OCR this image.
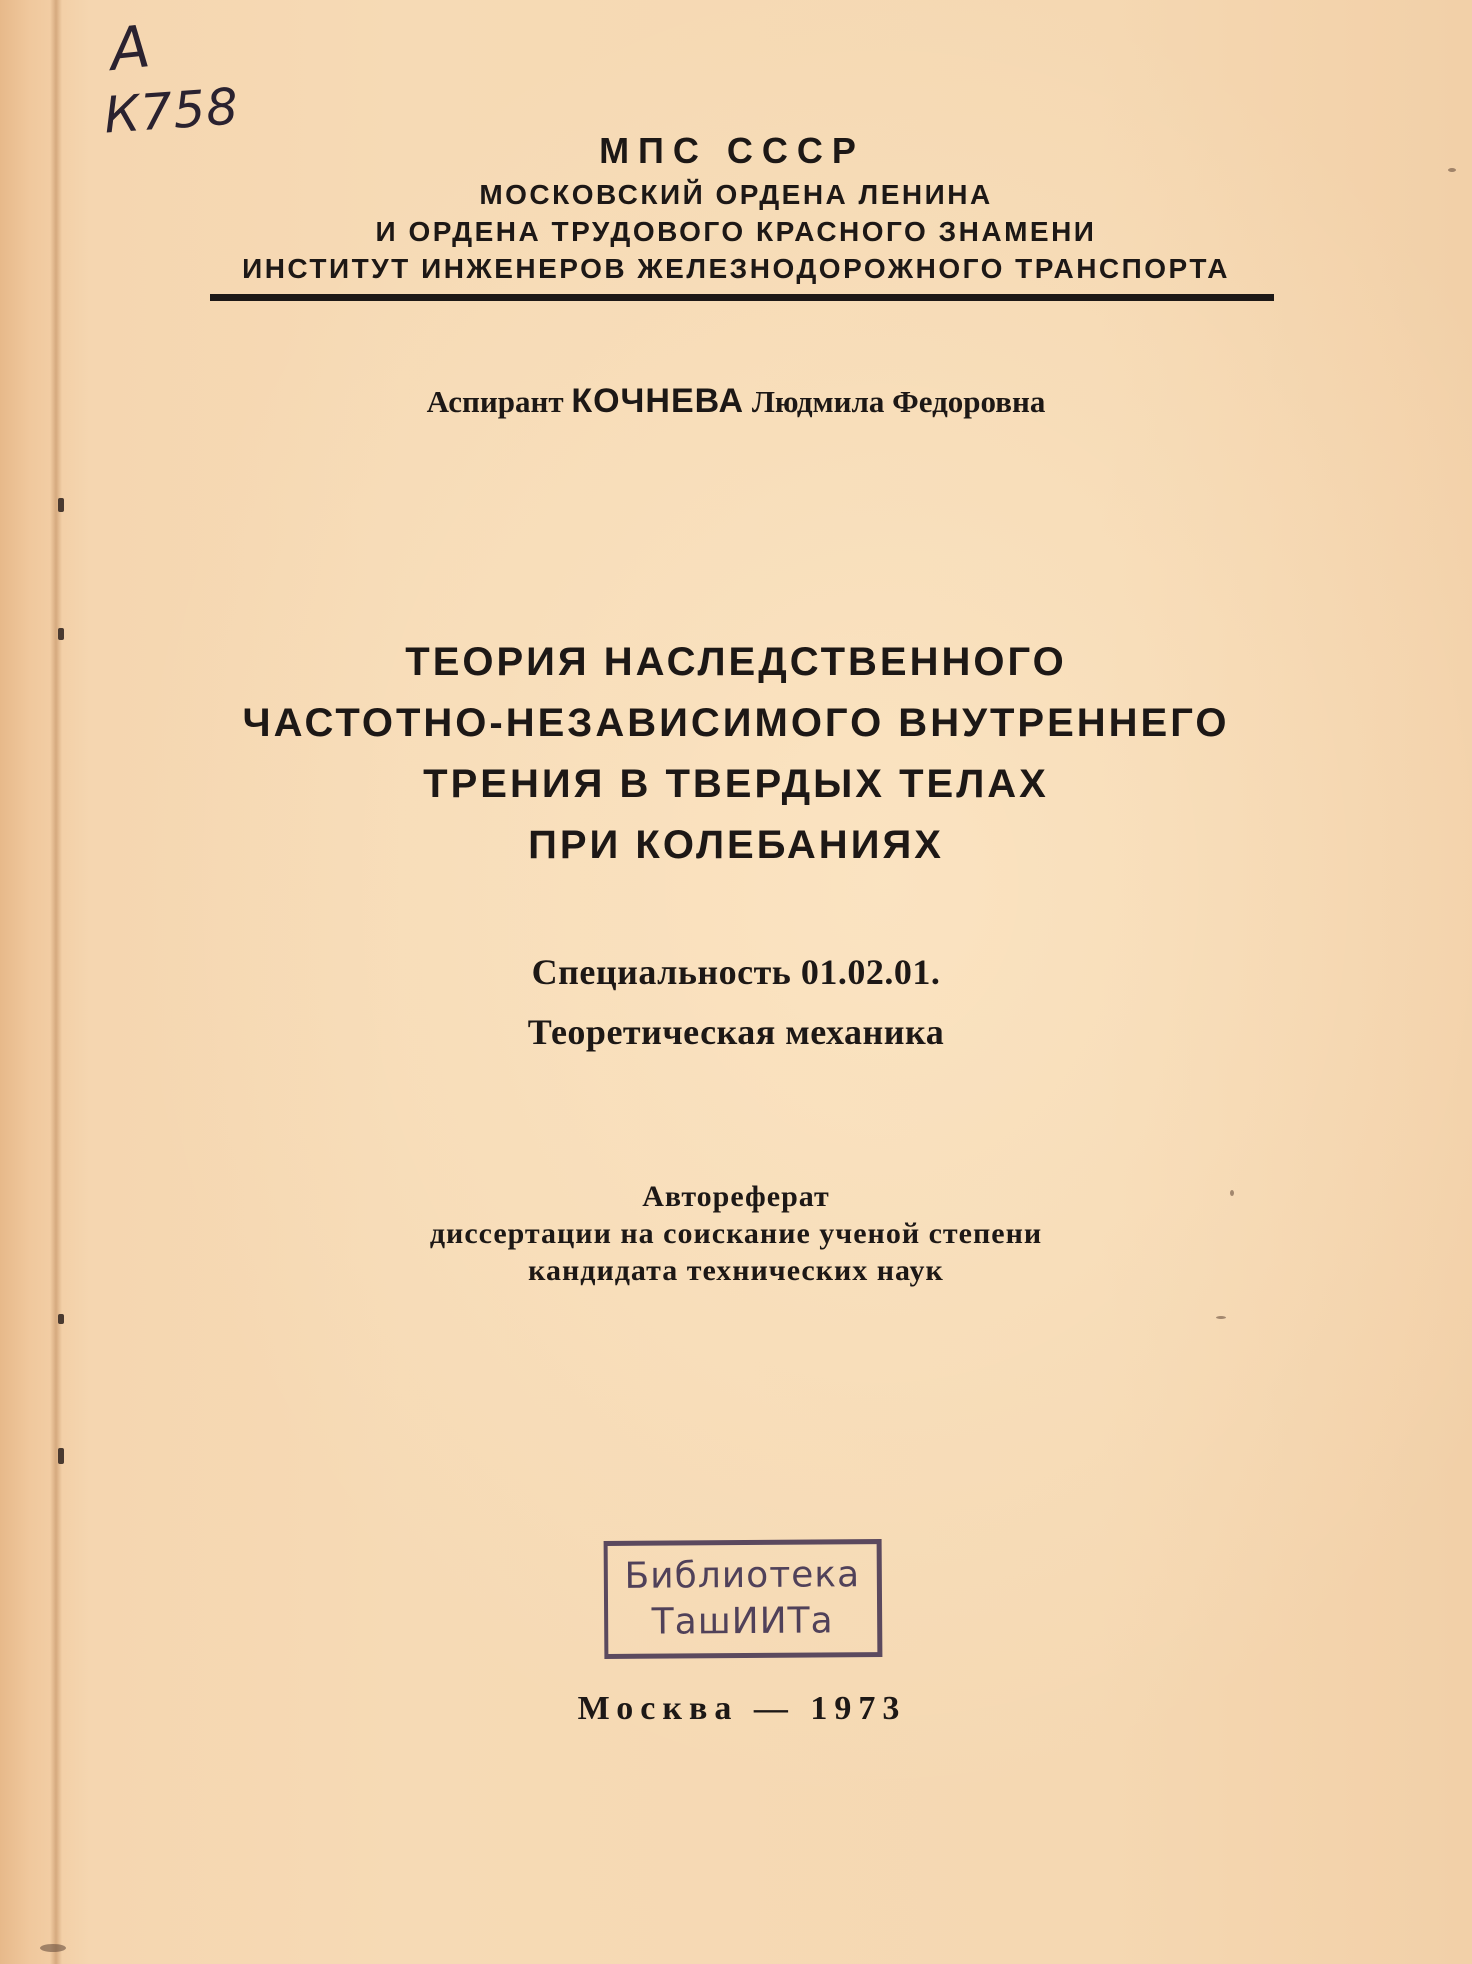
А
К758
МПС СССР
МОСКОВСКИЙ ОРДЕНА ЛЕНИНА
И ОРДЕНА ТРУДОВОГО КРАСНОГО ЗНАМЕНИ
ИНСТИТУТ ИНЖЕНЕРОВ ЖЕЛЕЗНОДОРОЖНОГО ТРАНСПОРТА
Аспирант КОЧНЕВА Людмила Федоровна
ТЕОРИЯ НАСЛЕДСТВЕННОГО
ЧАСТОТНО-НЕЗАВИСИМОГО ВНУТРЕННЕГО
ТРЕНИЯ В ТВЕРДЫХ ТЕЛАХ
ПРИ КОЛЕБАНИЯХ
Специальность 01.02.01.
Теоретическая механика
Автореферат
диссертации на соискание ученой степени
кандидата технических наук
Библиотека
ТашИИТа
Москва — 1973
